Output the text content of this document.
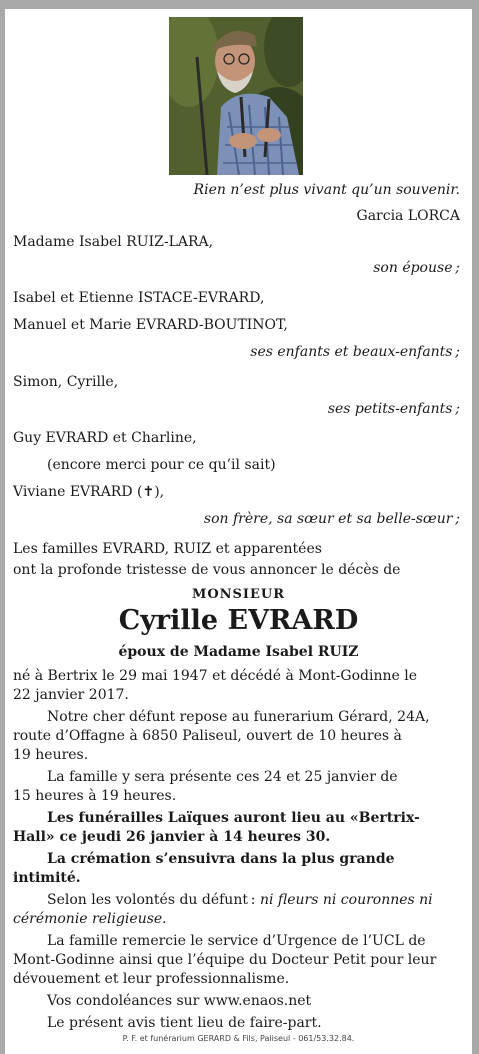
Rien n’est plus vivant qu’un souvenir.
Garcia LORCA
Madame Isabel RUIZ-LARA,
son épouse ;
Isabel et Etienne ISTACE-EVRARD,
Manuel et Marie EVRARD-BOUTINOT,
ses enfants et beaux-enfants ;
Simon, Cyrille,
ses petits-enfants ;
Guy EVRARD et Charline,
(encore merci pour ce qu’il sait)
Viviane EVRARD (✝),
son frère, sa sœur et sa belle-sœur ;
Les familles EVRARD, RUIZ et apparentées
ont la profonde tristesse de vous annoncer le décès de
MONSIEUR
Cyrille EVRARD
époux de Madame Isabel RUIZ
né à Bertrix le 29 mai 1947 et décédé à Mont-Godinne le
22 janvier 2017.
Notre cher défunt repose au funerarium Gérard, 24A,
route d’Offagne à 6850 Paliseul, ouvert de 10 heures à
19 heures.
La famille y sera présente ces 24 et 25 janvier de
15 heures à 19 heures.
Les funérailles Laïques auront lieu au «Bertrix-
Hall» ce jeudi 26 janvier à 14 heures 30.
La crémation s’ensuivra dans la plus grande
intimité.
Selon les volontés du défunt : ni fleurs ni couronnes ni
cérémonie religieuse.
La famille remercie le service d’Urgence de l’UCL de
Mont-Godinne ainsi que l’équipe du Docteur Petit pour leur
dévouement et leur professionnalisme.
Vos condoléances sur www.enaos.net
Le présent avis tient lieu de faire-part.
P. F. et funérarium GERARD & Fils, Paliseul - 061/53.32.84.
